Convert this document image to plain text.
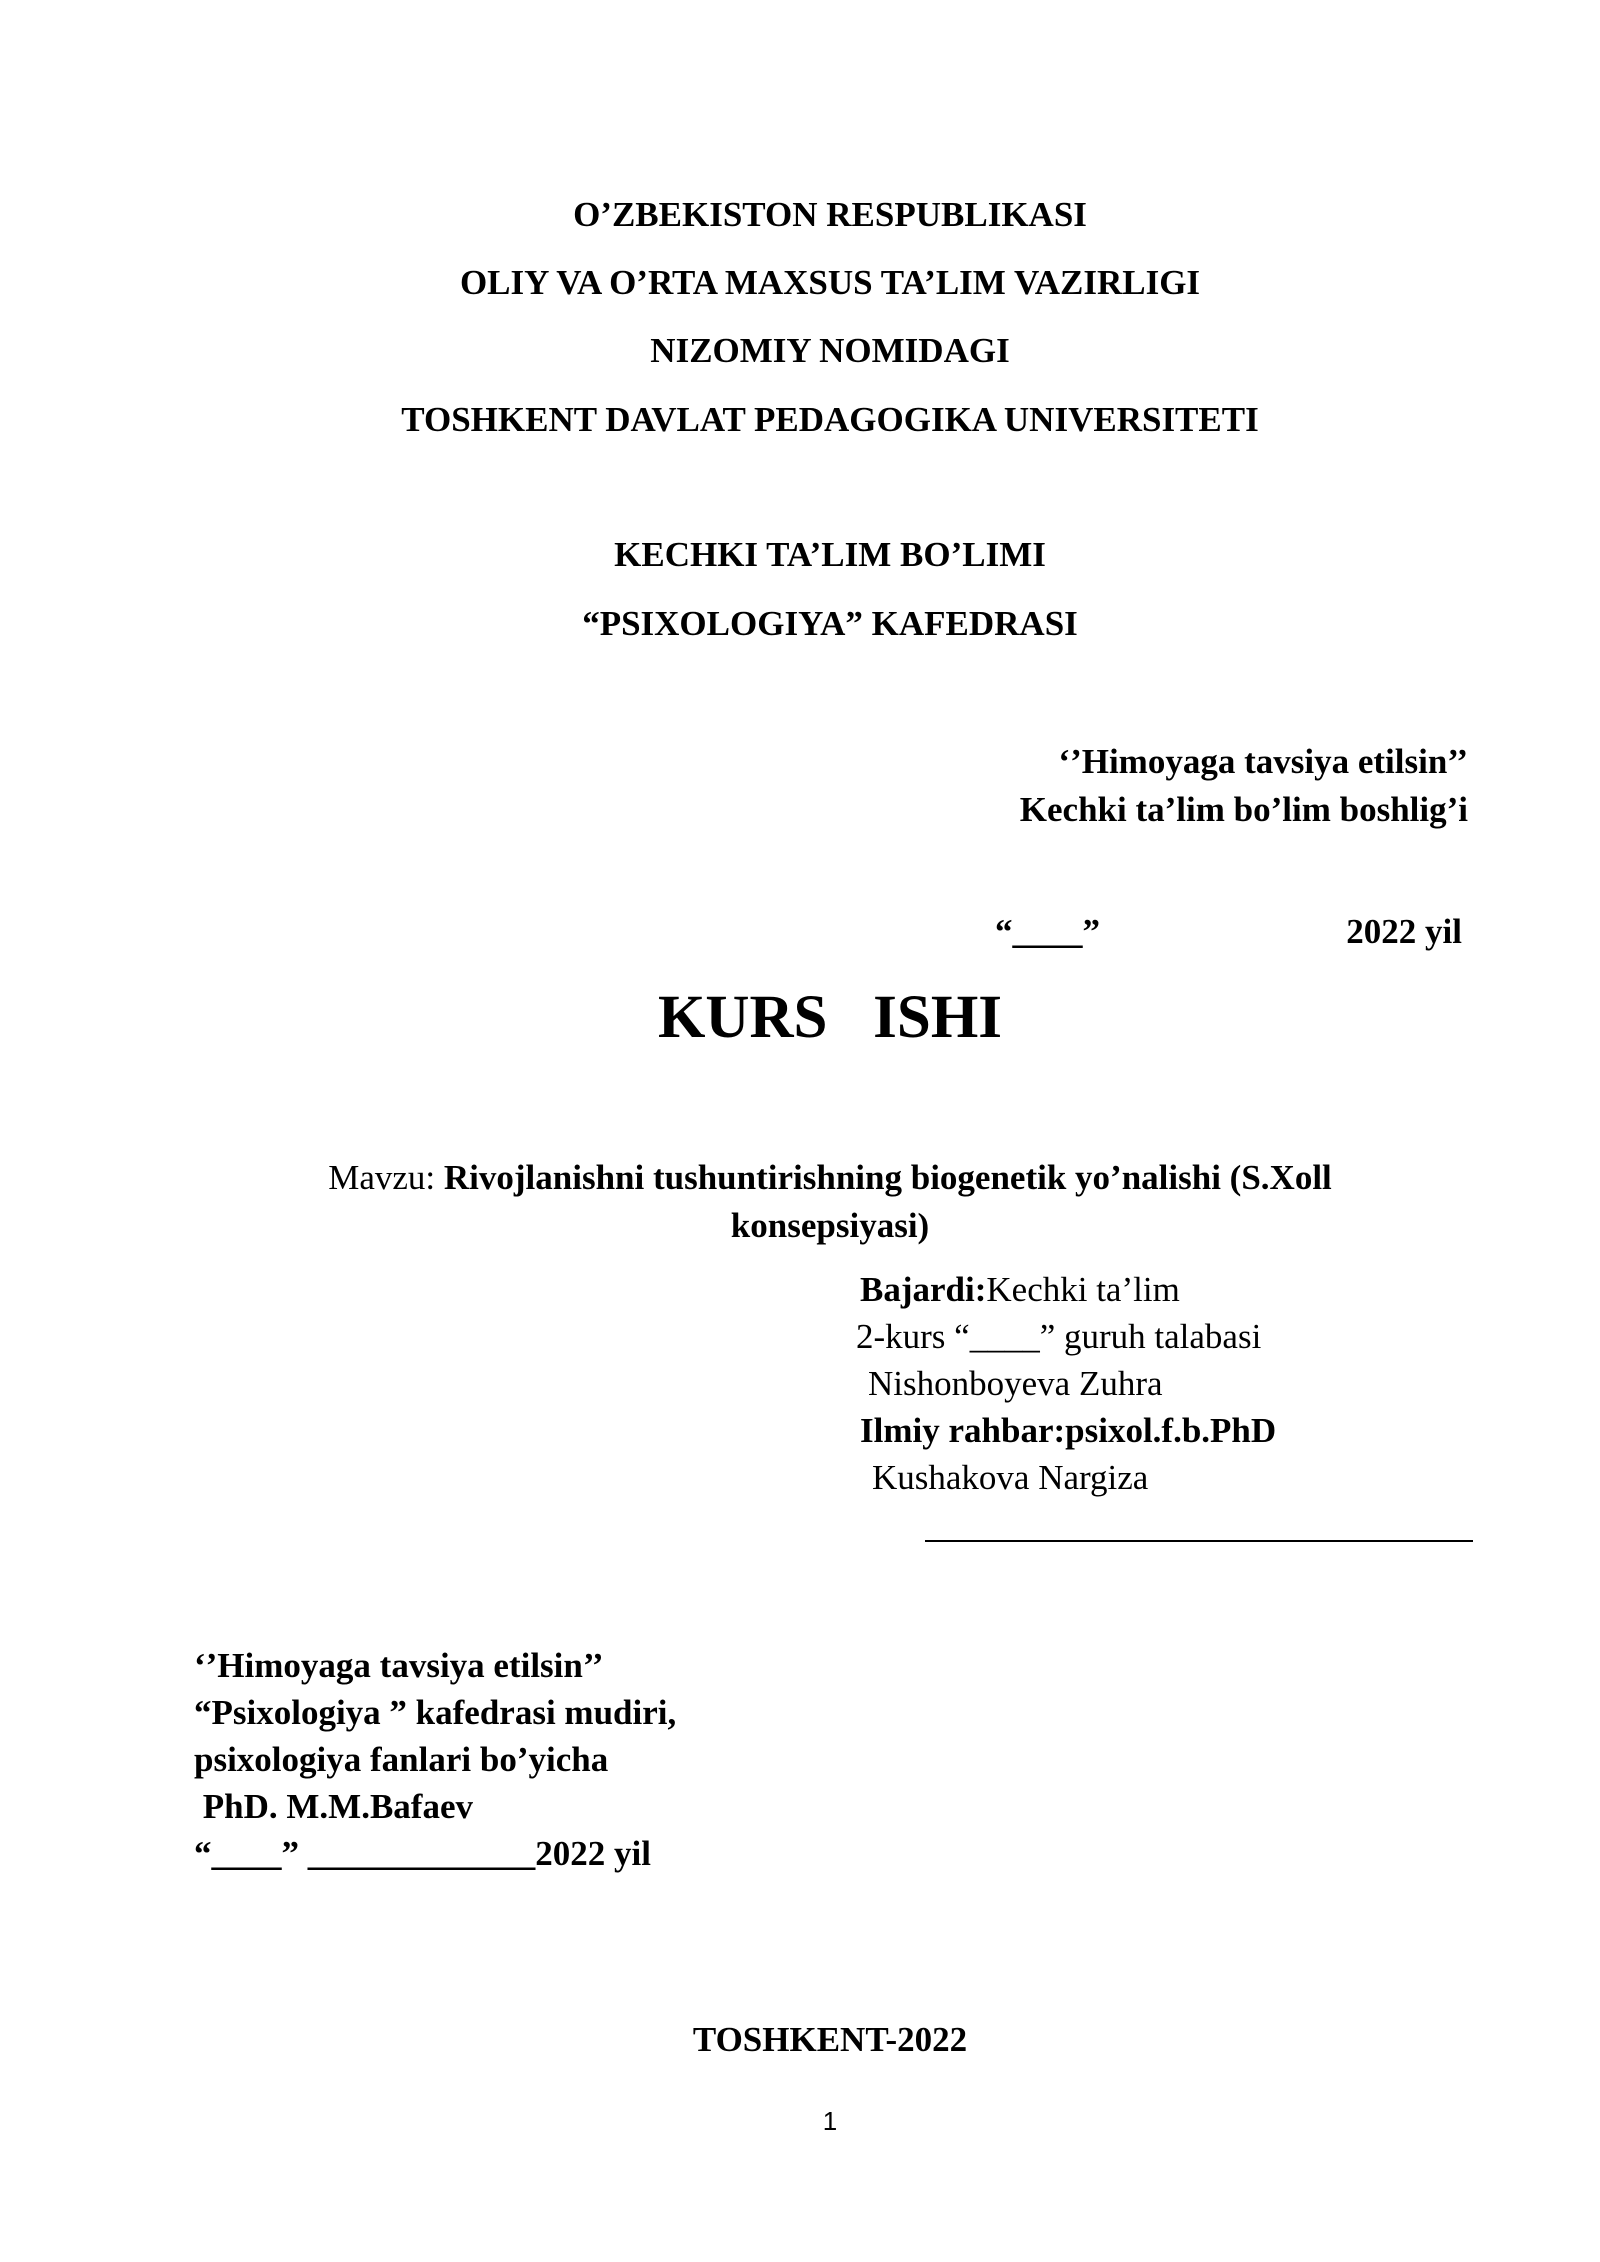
O’ZBEKISTON RESPUBLIKASI
OLIY VA O’RTA MAXSUS TA’LIM VAZIRLIGI
NIZOMIY NOMIDAGI
TOSHKENT DAVLAT PEDAGOGIKA UNIVERSITETI
KECHKI TA’LIM BO’LIMI
“PSIXOLOGIYA” KAFEDRASI
‘’Himoyaga tavsiya etilsin’’
Kechki ta’lim bo’lim boshlig’i
“____”	2022 yil
KURS   ISHI
Mavzu: Rivojlanishni tushuntirishning biogenetik yo’nalishi (S.Xoll
konsepsiyasi)
Bajardi:Kechki ta’lim
2-kurs “____” guruh talabasi
Nishonboyeva Zuhra
Ilmiy rahbar:psixol.f.b.PhD
Kushakova Nargiza
‘’Himoyaga tavsiya etilsin’’
“Psixologiya ” kafedrasi mudiri,
psixologiya fanlari bo’yicha
PhD. M.M.Bafaev
“____” _____________2022 yil
TOSHKENT-2022
1
